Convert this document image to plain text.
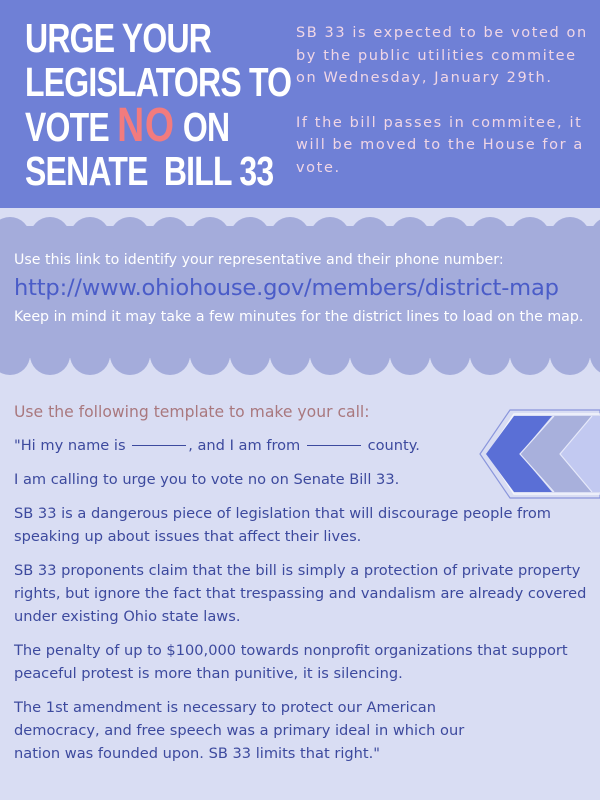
URGE YOUR
LEGISLATORS TO
VOTE NO ON
SENATE  BILL 33

SB 33 is expected to be voted on by the public utilities commitee on Wednesday, January 29th.

If the bill passes in commitee, it will be moved to the House for a vote.

Use this link to identify your representative and their phone number:
http://www.ohiohouse.gov/members/district-map
Keep in mind it may take a few minutes for the district lines to load on the map.
Use the following template to make your call:

"Hi my name is	, and I am from	county.

I am calling to urge you to vote no on Senate Bill 33.

SB 33 is a dangerous piece of legislation that will discourage people from speaking up about issues that affect their lives.

SB 33 proponents claim that the bill is simply a protection of private property rights, but ignore the fact that trespassing and vandalism are already covered under existing Ohio state laws.

The penalty of up to $100,000 towards nonprofit organizations that support peaceful protest is more than punitive, it is silencing.

The 1st amendment is necessary to protect our American democracy, and free speech was a primary ideal in which our nation was founded upon. SB 33 limits that right."
